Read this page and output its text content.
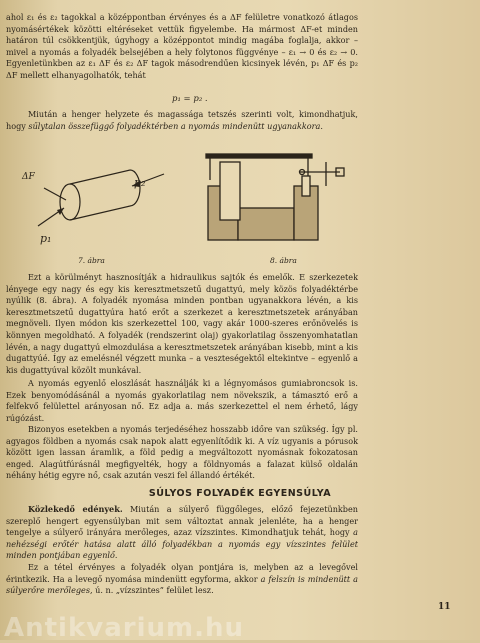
ahol ε₁ és ε₂ tagokkal a középpontban érvényes és a ΔF felületre vonatkozó átlagos nyomásértékek közötti eltéréseket vettük figyelembe. Ha mármost ΔF-et minden határon túl csökkentjük, úgyhogy a középpontot mindig magába foglalja, akkor – mivel a nyomás a folyadék belsejében a hely folytonos függvénye – ε₁ → 0 és ε₂ → 0. Egyenletünkben az ε₁ ΔF és ε₂ ΔF tagok másodrendűen kicsinyek lévén, p₁ ΔF és p₂ ΔF mellett elhanyagolhatók, tehát

p₁ = p₂ .

Miután a henger helyzete és magassága tetszés szerinti volt, kimondhatjuk, hogy sűlytalan összefüggő folyadéktérben a nyomás mindenütt ugyanakkora.

ΔF
p₁
p₂
7. ábra	8. ábra

Ezt a körülményt hasznosítják a hidraulikus sajtók és emelők. E szerkezetek lényege egy nagy és egy kis keresztmetszetű dugattyú, mely közös folyadéktérbe nyúlik (8. ábra). A folyadék nyomása minden pontban ugyanakkora lévén, a kis keresztmetszetű dugattyúra ható erőt a szerkezet a keresztmetszetek arányában megnöveli. Ilyen módon kis szerkezettel 100, vagy akár 1000-szeres erőnövelés is könnyen megoldható. A folyadék (rendszerint olaj) gyakorlatilag összenyomhatatlan lévén, a nagy dugattyú elmozdulása a keresztmetszetek arányában kisebb, mint a kis dugattyúé. Így az emelésnél végzett munka – a veszteségektől eltekintve – egyenlő a kis dugattyúval közölt munkával.

A nyomás egyenlő eloszlását használják ki a légnyomásos gumiabroncsok is. Ezek benyomódásánál a nyomás gyakorlatilag nem növekszik, a támasztó erő a felfekvő felülettel arányosan nő. Ez adja a. más szerkezettel el nem érhető, lágy rúgózást.

Bizonyos esetekben a nyomás terjedéséhez hosszabb időre van szükség. Így pl. agyagos földben a nyomás csak napok alatt egyenlítődik ki. A víz ugyanis a pórusok között igen lassan áramlik, a föld pedig a megváltozott nyomásnak fokozatosan enged. Alagútfúrásnál megfigyelték, hogy a földnyomás a falazat külső oldalán néhány hétig egyre nő, csak azután veszi fel állandó értékét.

SÚLYOS FOLYADÉK EGYENSÚLYA

Közlekedő edények. Miután a súlyerő függőleges, előző fejezetünkben szereplő hengert egyensúlyban mit sem változtat annak jelenléte, ha a henger tengelye a súlyerő irányára merőleges, azaz vízszintes. Kimondhatjuk tehát, hogy a nehézségi erőtér hatása alatt álló folyadékban a nyomás egy vízszintes felület minden pontjában egyenlő.

Ez a tétel érvényes a folyadék olyan pontjára is, melyben az a levegővel érintkezik. Ha a levegő nyomása mindenütt egyforma, akkor a felszín is mindenütt a súlyerőre merőleges, ú. n. „vízszintes” felület lesz.

11
Antikvarium.hu
